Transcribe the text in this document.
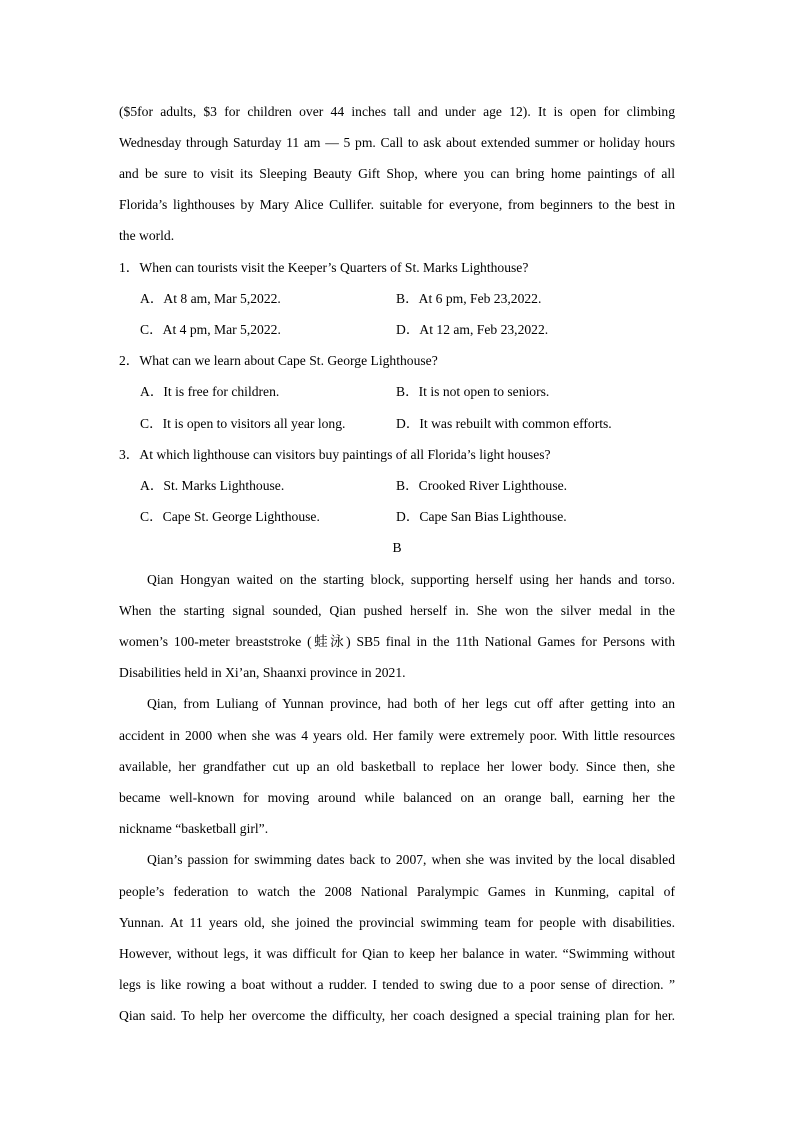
($5for adults, $3 for children over 44 inches tall and under age 12). It is open for climbing
Wednesday through Saturday 11 am — 5 pm. Call to ask about extended summer or holiday hours
and be sure to visit its Sleeping Beauty Gift Shop, where you can bring home paintings of all
Florida’s lighthouses by Mary Alice Cullifer. suitable for everyone, from beginners to the best in
the world.
1．When can tourists visit the Keeper’s Quarters of St. Marks Lighthouse?
A．At 8 am, Mar 5,2022.	B．At 6 pm, Feb 23,2022.
C．At 4 pm, Mar 5,2022.	D．At 12 am, Feb 23,2022.
2．What can we learn about Cape St. George Lighthouse?
A．It is free for children.	B．It is not open to seniors.
C．It is open to visitors all year long.	D．It was rebuilt with common efforts.
3．At which lighthouse can visitors buy paintings of all Florida’s light houses?
A．St. Marks Lighthouse.	B．Crooked River Lighthouse.
C．Cape St. George Lighthouse.	D．Cape San Bias Lighthouse.
B
Qian Hongyan waited on the starting block, supporting herself using her hands and torso.
When the starting signal sounded, Qian pushed herself in. She won the silver medal in the
women’s 100-meter breaststroke (蛙泳) SB5 final in the 11th National Games for Persons with
Disabilities held in Xi’an, Shaanxi province in 2021.
Qian, from Luliang of Yunnan province, had both of her legs cut off after getting into an
accident in 2000 when she was 4 years old. Her family were extremely poor. With little resources
available, her grandfather cut up an old basketball to replace her lower body. Since then, she
became well-known for moving around while balanced on an orange ball, earning her the
nickname “basketball girl”.
Qian’s passion for swimming dates back to 2007, when she was invited by the local disabled
people’s federation to watch the 2008 National Paralympic Games in Kunming, capital of
Yunnan. At 11 years old, she joined the provincial swimming team for people with disabilities.
However, without legs, it was difficult for Qian to keep her balance in water. “Swimming without
legs is like rowing a boat without a rudder. I tended to swing due to a poor sense of direction. ”
Qian said. To help her overcome the difficulty, her coach designed a special training plan for her.
